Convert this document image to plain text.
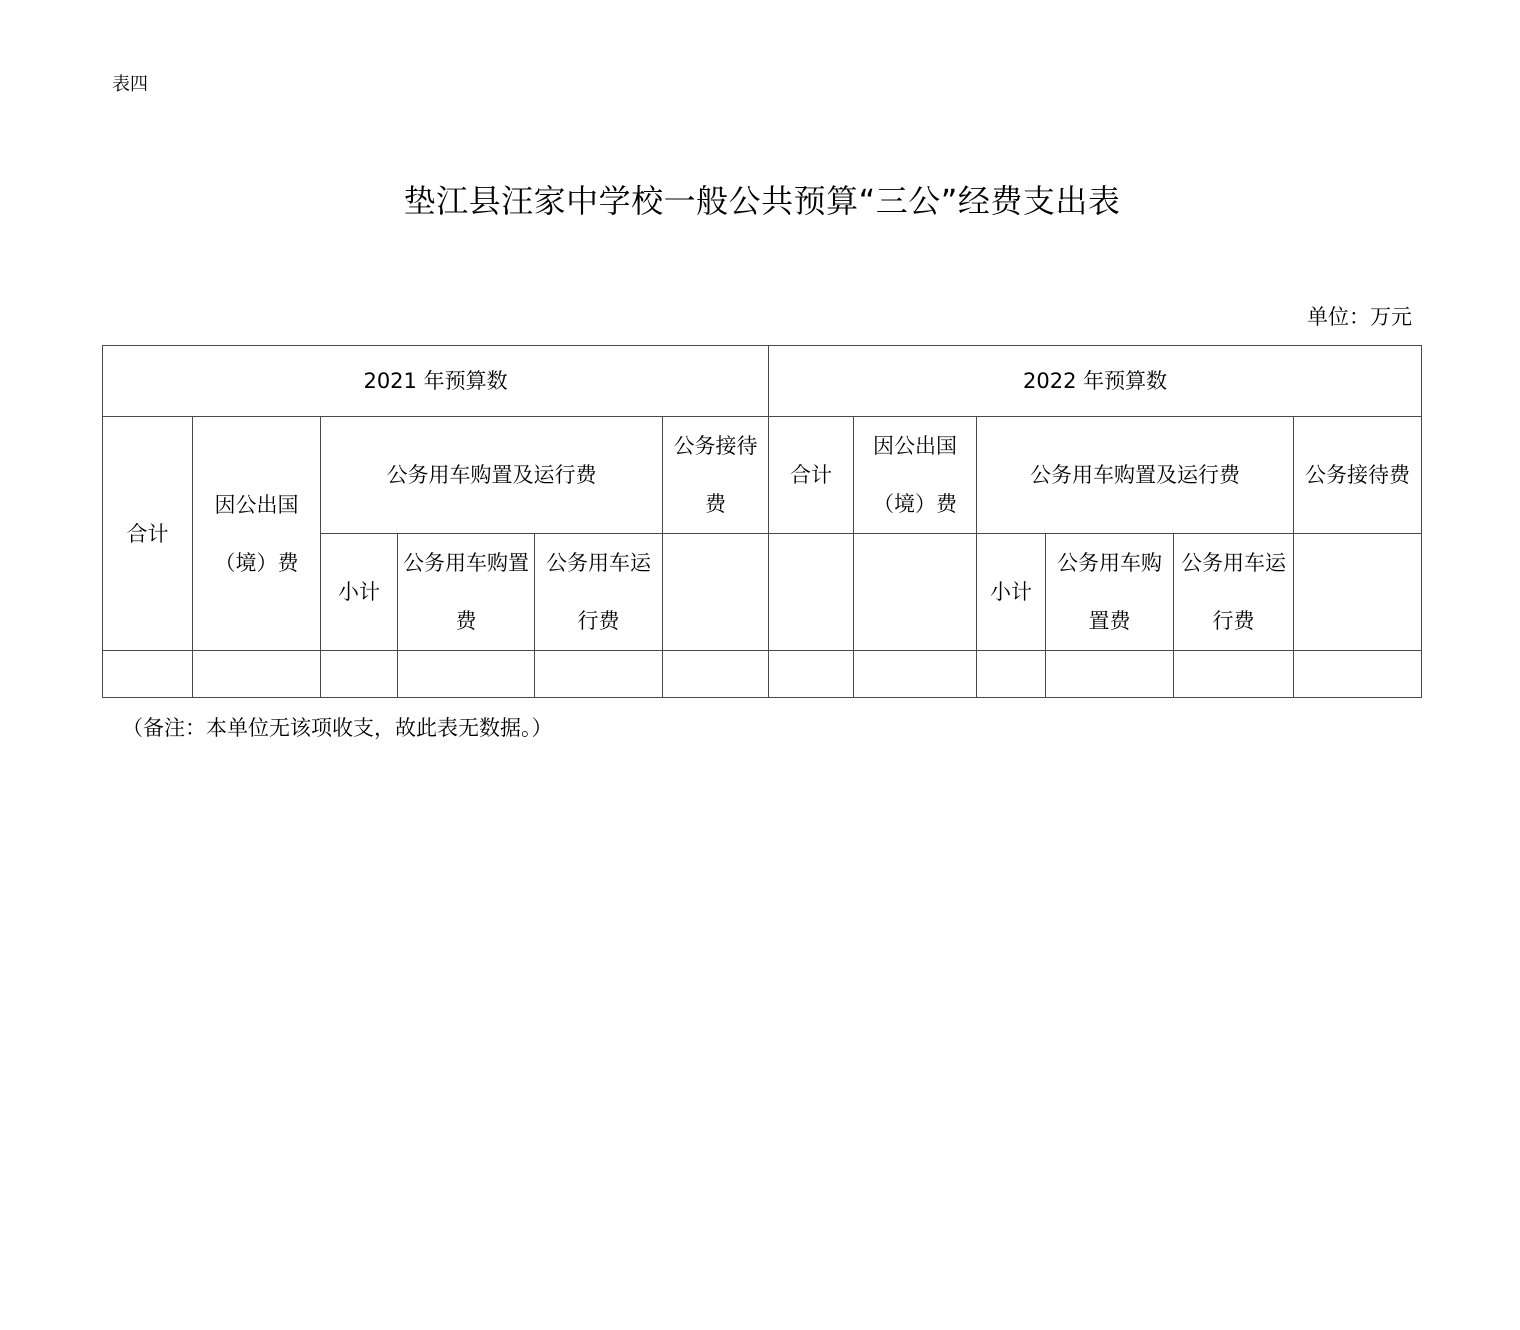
表四
垫江县汪家中学校一般公共预算“三公”经费支出表
单位：万元
2021 年预算数						2022 年预算数					
合计	因公出国（境）费	公务用车购置及运行费			公务接待费	合计	因公出国（境）费	公务用车购置及运行费			公务接待费
		小计	公务用车购置费	公务用车运行费				小计	公务用车购置费	公务用车运行费	

（备注：本单位无该项收支，故此表无数据。）
